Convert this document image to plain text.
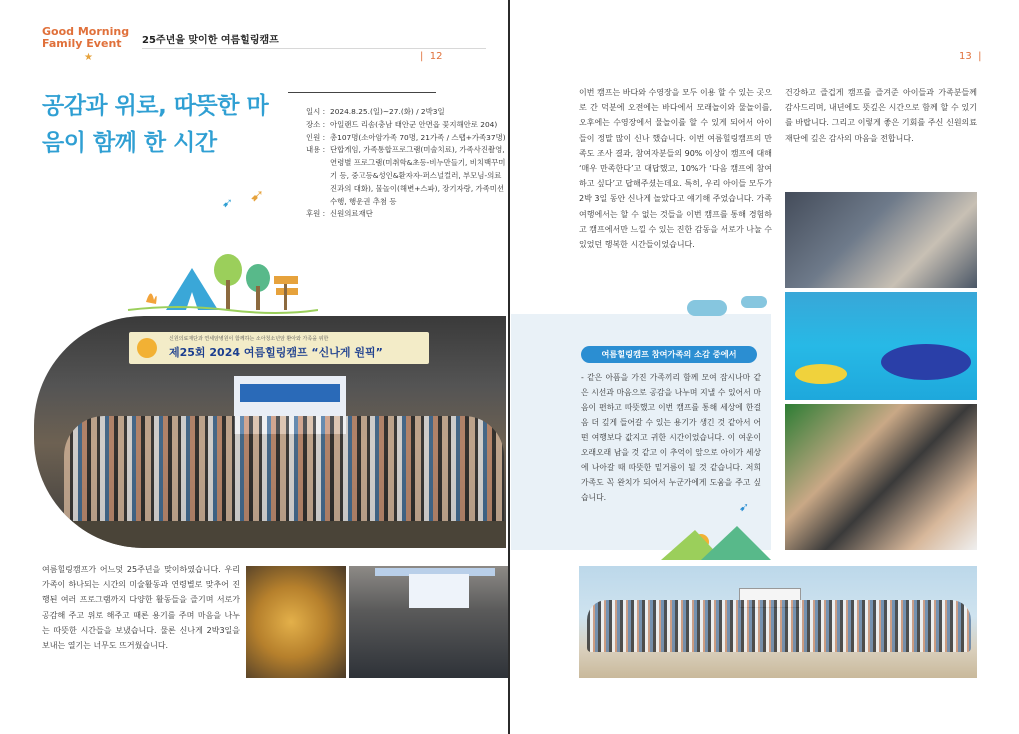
Good Morning
Family Event
★
25주년을 맞이한 여름힐링캠프
| 12
공감과 위로, 따뜻한 마음이 함께 한 시간
일시 : 2024.8.25.(일)~27.(화) / 2박3일
장소 : 아일랜드 리솜(충남 태안군 안면읍 꽃지해안로 204)
인원 : 총107명(소아암가족 70명, 21가족 / 스탭+가족37명)
내용 : 단합게임, 가족통합프로그램(미술치료), 가족사진촬영, 연령별 프로그램(미취학&초등-비누만들기, 비치백꾸미기 등, 중고등&성인&환자자-퍼스널컬러, 부모님-의료진과의 대화), 물놀이(해변+스파), 장기자랑, 가족미션수행, 행운권 추첨 등
후원 : 신원의료재단
➹ ➹
신원의료재단과 연세암병원이 함께하는 소아청소년암 환아와 가족을 위한
제25회 2024 여름힐링캠프 “신나게 원픽”
여름힐링캠프가 어느덧 25주년을 맞이하였습니다. 우리 가족이 하나되는 시간의 미술활동과 연령별로 맞추어 진행된 여러 프로그램까지 다양한 활동들을 즐기며 서로가 공감해 주고 위로 해주고 때론 용기를 주며 마음을 나누는 따뜻한 시간들을 보냈습니다. 물론 신나게 2박3일을 보내는 열기는 너무도 뜨거웠습니다.
13 |
이번 캠프는 바다와 수영장을 모두 이용 할 수 있는 곳으로 간 덕분에 오전에는 바다에서 모래놀이와 물놀이를, 오후에는 수영장에서 물놀이를 할 수 있게 되어서 아이들이 정말 많이 신나 했습니다. 이번 여름힐링캠프의 만족도 조사 결과, 참여자분들의 90% 이상이 캠프에 대해 ‘매우 만족한다’고 대답했고, 10%가 ‘다음 캠프에 참여하고 싶다’고 답해주셨는데요. 특히, 우리 아이들 모두가 2박 3일 동안 신나게 놀았다고 얘기해 주었습니다. 가족여행에서는 할 수 없는 것들을 이번 캠프를 통해 경험하고 캠프에서만 느낄 수 있는 진한 감동을 서로가 나눌 수 있었던 행복한 시간들이었습니다.
건강하고 즐겁게 캠프를 즐겨준 아이들과 가족분들께 감사드리며, 내년에도 뜻깊은 시간으로 함께 할 수 있기를 바랍니다. 그리고 이렇게 좋은 기회를 주신 신원의료재단에 깊은 감사의 마음을 전합니다.
여름힐링캠프 참여가족의 소감 중에서
- 같은 아픔을 가진 가족끼리 함께 모여 잠시나마 같은 시선과 마음으로 공감을 나누며 지낼 수 있어서 마음이 편하고 따뜻했고 이번 캠프를 통해 세상에 한걸음 더 깊게 들어갈 수 있는 용기가 생긴 것 같아서 어떤 여행보다 값지고 귀한 시간이었습니다. 이 여운이 오래오래 남을 것 같고 이 추억이 앞으로 아이가 세상에 나아갈 때 따뜻한 밑거름이 될 것 같습니다. 저희 가족도 꼭 완치가 되어서 누군가에게 도움을 주고 싶습니다.
➹
